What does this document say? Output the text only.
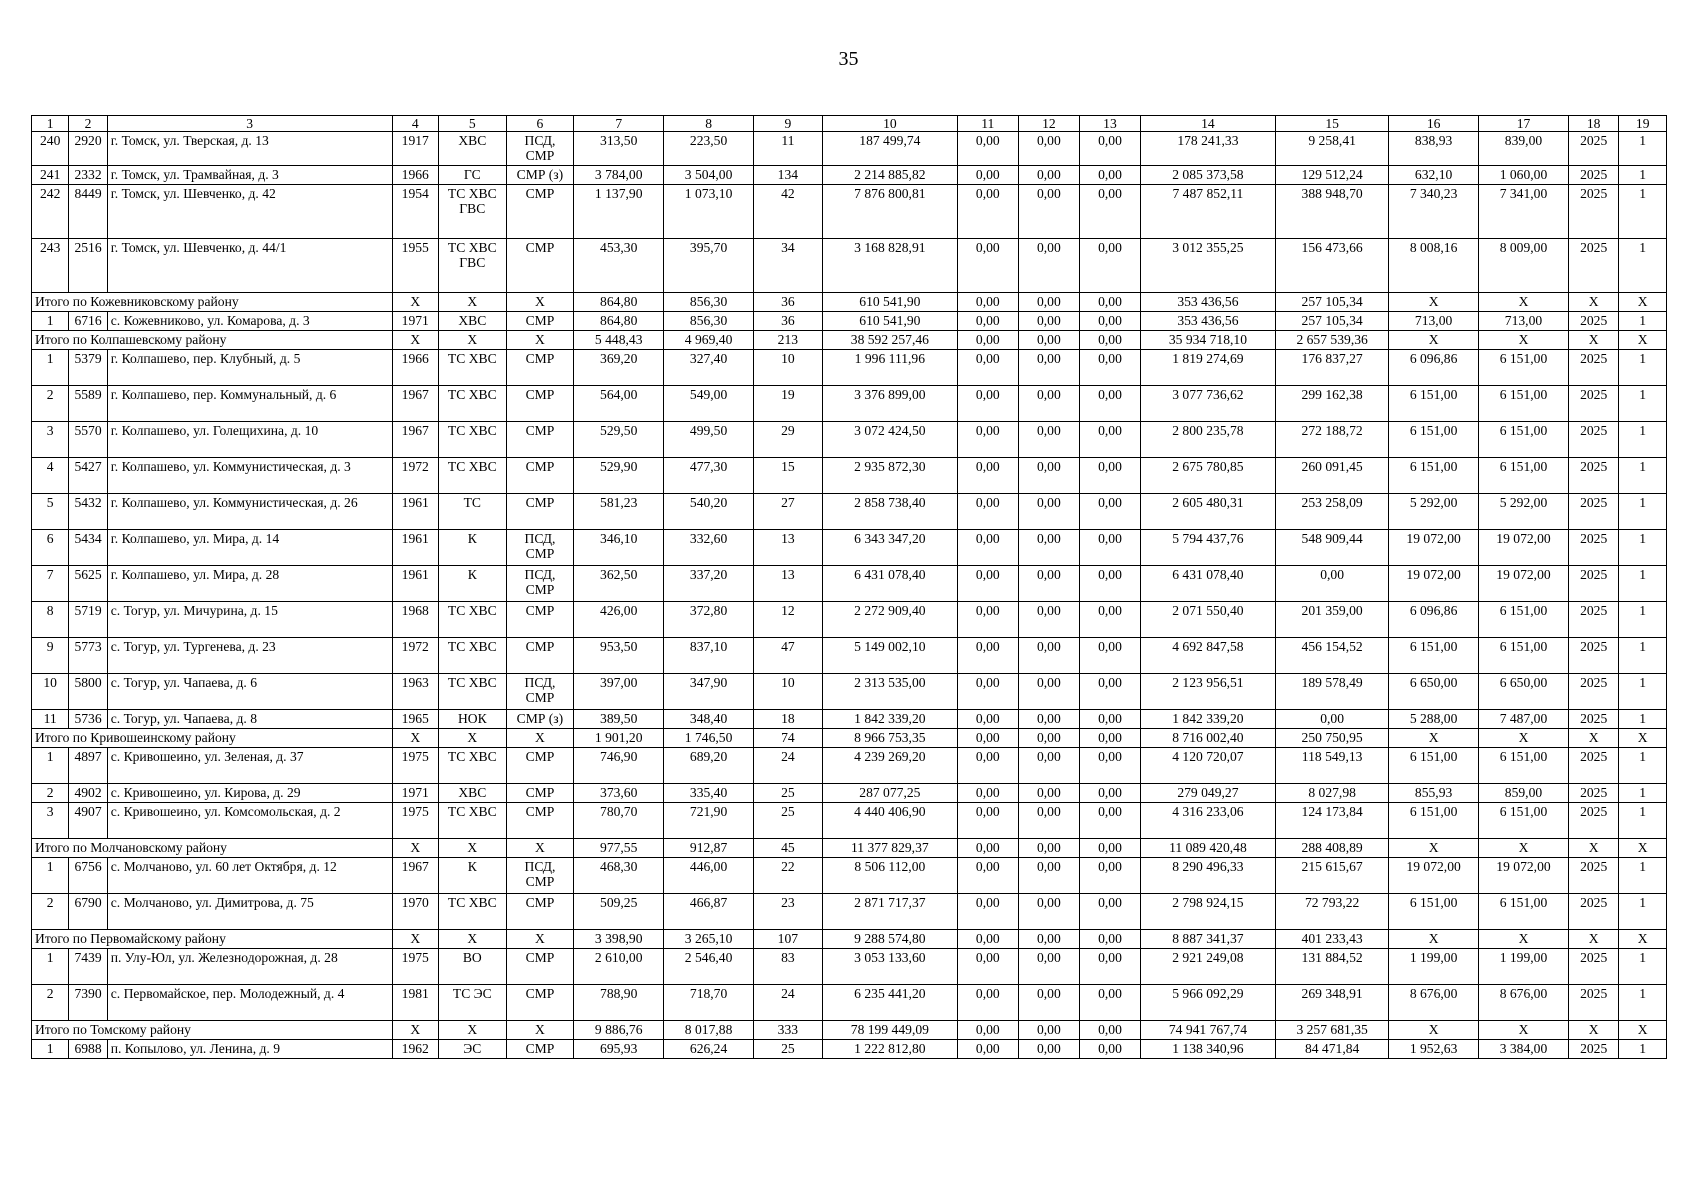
35
1	2	3	4	5	6	7	8	9	10	11	12	13	14	15	16	17	18	19
240	2920	г. Томск, ул. Тверская, д. 13	1917	ХВС	ПСД, СМР	313,50	223,50	11	187 499,74	0,00	0,00	0,00	178 241,33	9 258,41	838,93	839,00	2025	1
241	2332	г. Томск, ул. Трамвайная, д. 3	1966	ГС	СМР (з)	3 784,00	3 504,00	134	2 214 885,82	0,00	0,00	0,00	2 085 373,58	129 512,24	632,10	1 060,00	2025	1
242	8449	г. Томск, ул. Шевченко, д. 42	1954	ТС ХВС ГВС	СМР	1 137,90	1 073,10	42	7 876 800,81	0,00	0,00	0,00	7 487 852,11	388 948,70	7 340,23	7 341,00	2025	1
243	2516	г. Томск, ул. Шевченко, д. 44/1	1955	ТС ХВС ГВС	СМР	453,30	395,70	34	3 168 828,91	0,00	0,00	0,00	3 012 355,25	156 473,66	8 008,16	8 009,00	2025	1
Итого по Кожевниковскому району			Х	Х	Х	864,80	856,30	36	610 541,90	0,00	0,00	0,00	353 436,56	257 105,34	Х	Х	Х	Х
1	6716	с. Кожевниково, ул. Комарова, д. 3	1971	ХВС	СМР	864,80	856,30	36	610 541,90	0,00	0,00	0,00	353 436,56	257 105,34	713,00	713,00	2025	1
Итого по Колпашевскому району			Х	Х	Х	5 448,43	4 969,40	213	38 592 257,46	0,00	0,00	0,00	35 934 718,10	2 657 539,36	Х	Х	Х	Х
1	5379	г. Колпашево, пер. Клубный, д. 5	1966	ТС ХВС	СМР	369,20	327,40	10	1 996 111,96	0,00	0,00	0,00	1 819 274,69	176 837,27	6 096,86	6 151,00	2025	1
2	5589	г. Колпашево, пер. Коммунальный, д. 6	1967	ТС ХВС	СМР	564,00	549,00	19	3 376 899,00	0,00	0,00	0,00	3 077 736,62	299 162,38	6 151,00	6 151,00	2025	1
3	5570	г. Колпашево, ул. Голещихина, д. 10	1967	ТС ХВС	СМР	529,50	499,50	29	3 072 424,50	0,00	0,00	0,00	2 800 235,78	272 188,72	6 151,00	6 151,00	2025	1
4	5427	г. Колпашево, ул. Коммунистическая, д. 3	1972	ТС ХВС	СМР	529,90	477,30	15	2 935 872,30	0,00	0,00	0,00	2 675 780,85	260 091,45	6 151,00	6 151,00	2025	1
5	5432	г. Колпашево, ул. Коммунистическая, д. 26	1961	ТС	СМР	581,23	540,20	27	2 858 738,40	0,00	0,00	0,00	2 605 480,31	253 258,09	5 292,00	5 292,00	2025	1
6	5434	г. Колпашево, ул. Мира, д. 14	1961	К	ПСД, СМР	346,10	332,60	13	6 343 347,20	0,00	0,00	0,00	5 794 437,76	548 909,44	19 072,00	19 072,00	2025	1
7	5625	г. Колпашево, ул. Мира, д. 28	1961	К	ПСД, СМР	362,50	337,20	13	6 431 078,40	0,00	0,00	0,00	6 431 078,40	0,00	19 072,00	19 072,00	2025	1
8	5719	с. Тогур, ул. Мичурина, д. 15	1968	ТС ХВС	СМР	426,00	372,80	12	2 272 909,40	0,00	0,00	0,00	2 071 550,40	201 359,00	6 096,86	6 151,00	2025	1
9	5773	с. Тогур, ул. Тургенева, д. 23	1972	ТС ХВС	СМР	953,50	837,10	47	5 149 002,10	0,00	0,00	0,00	4 692 847,58	456 154,52	6 151,00	6 151,00	2025	1
10	5800	с. Тогур, ул. Чапаева, д. 6	1963	ТС ХВС	ПСД, СМР	397,00	347,90	10	2 313 535,00	0,00	0,00	0,00	2 123 956,51	189 578,49	6 650,00	6 650,00	2025	1
11	5736	с. Тогур, ул. Чапаева, д. 8	1965	НОК	СМР (з)	389,50	348,40	18	1 842 339,20	0,00	0,00	0,00	1 842 339,20	0,00	5 288,00	7 487,00	2025	1
Итого по Кривошеинскому району			Х	Х	Х	1 901,20	1 746,50	74	8 966 753,35	0,00	0,00	0,00	8 716 002,40	250 750,95	Х	Х	Х	Х
1	4897	с. Кривошеино, ул. Зеленая, д. 37	1975	ТС ХВС	СМР	746,90	689,20	24	4 239 269,20	0,00	0,00	0,00	4 120 720,07	118 549,13	6 151,00	6 151,00	2025	1
2	4902	с. Кривошеино, ул. Кирова, д. 29	1971	ХВС	СМР	373,60	335,40	25	287 077,25	0,00	0,00	0,00	279 049,27	8 027,98	855,93	859,00	2025	1
3	4907	с. Кривошеино, ул. Комсомольская, д. 2	1975	ТС ХВС	СМР	780,70	721,90	25	4 440 406,90	0,00	0,00	0,00	4 316 233,06	124 173,84	6 151,00	6 151,00	2025	1
Итого по Молчановскому району			Х	Х	Х	977,55	912,87	45	11 377 829,37	0,00	0,00	0,00	11 089 420,48	288 408,89	Х	Х	Х	Х
1	6756	с. Молчаново, ул. 60 лет Октября, д. 12	1967	К	ПСД, СМР	468,30	446,00	22	8 506 112,00	0,00	0,00	0,00	8 290 496,33	215 615,67	19 072,00	19 072,00	2025	1
2	6790	с. Молчаново, ул. Димитрова, д. 75	1970	ТС ХВС	СМР	509,25	466,87	23	2 871 717,37	0,00	0,00	0,00	2 798 924,15	72 793,22	6 151,00	6 151,00	2025	1
Итого по Первомайскому району			Х	Х	Х	3 398,90	3 265,10	107	9 288 574,80	0,00	0,00	0,00	8 887 341,37	401 233,43	Х	Х	Х	Х
1	7439	п. Улу-Юл, ул. Железнодорожная, д. 28	1975	ВО	СМР	2 610,00	2 546,40	83	3 053 133,60	0,00	0,00	0,00	2 921 249,08	131 884,52	1 199,00	1 199,00	2025	1
2	7390	с. Первомайское, пер. Молодежный, д. 4	1981	ТС ЭС	СМР	788,90	718,70	24	6 235 441,20	0,00	0,00	0,00	5 966 092,29	269 348,91	8 676,00	8 676,00	2025	1
Итого по Томскому району			Х	Х	Х	9 886,76	8 017,88	333	78 199 449,09	0,00	0,00	0,00	74 941 767,74	3 257 681,35	Х	Х	Х	Х
1	6988	п. Копылово, ул. Ленина, д. 9	1962	ЭС	СМР	695,93	626,24	25	1 222 812,80	0,00	0,00	0,00	1 138 340,96	84 471,84	1 952,63	3 384,00	2025	1
